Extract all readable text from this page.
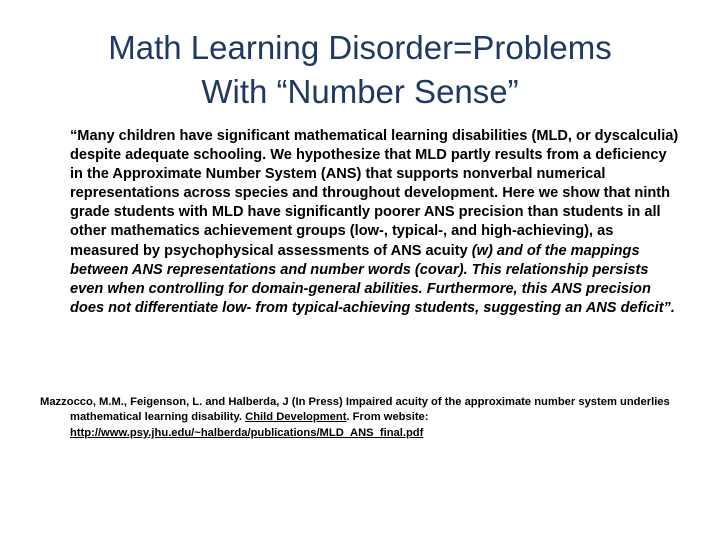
Math Learning Disorder=Problems
With “Number Sense”

“Many children have significant mathematical learning disabilities (MLD, or dyscalculia) despite adequate schooling. We hypothesize that MLD partly results from a deficiency in the Approximate Number System (ANS) that supports nonverbal numerical representations across species and throughout development. Here we show that ninth grade students with MLD have significantly poorer ANS precision than students in all other mathematics achievement groups (low-, typical-, and high-achieving), as measured by psychophysical assessments of ANS acuity (w) and of the mappings between ANS representations and number words (covar). This relationship persists even when controlling for domain-general abilities. Furthermore, this ANS precision does not differentiate low- from typical-achieving students, suggesting an ANS deficit”.

Mazzocco, M.M., Feigenson, L. and Halberda, J (In Press) Impaired acuity of the approximate number system underlies mathematical learning disability. Child Development. From website: http://www.psy.jhu.edu/~halberda/publications/MLD_ANS_final.pdf
